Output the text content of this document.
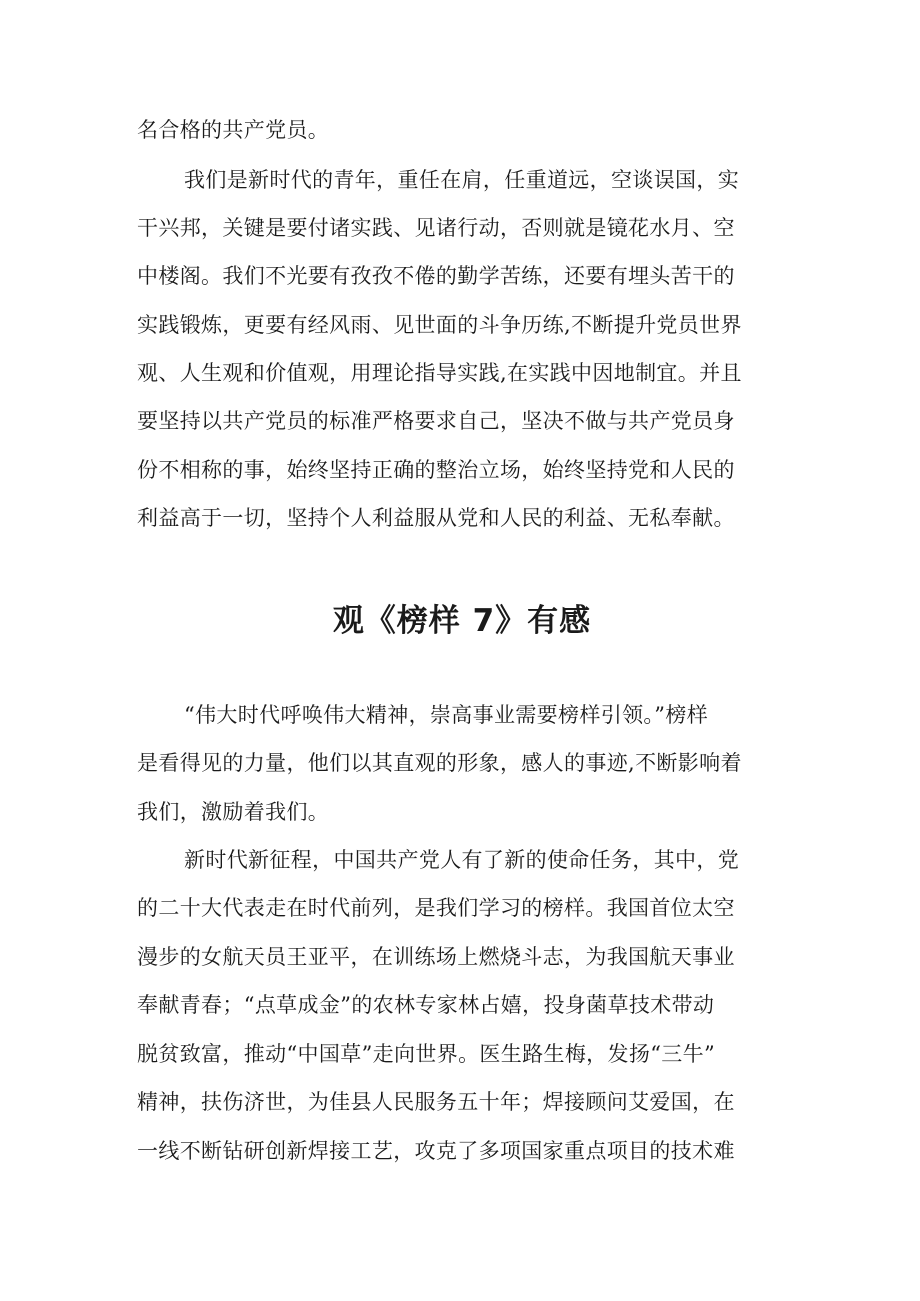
名合格的共产党员。
我们是新时代的青年，重任在肩，任重道远，空谈误国，实
干兴邦，关键是要付诸实践、见诸行动，否则就是镜花水月、空
中楼阁。我们不光要有孜孜不倦的勤学苦练，还要有埋头苦干的
实践锻炼，更要有经风雨、见世面的斗争历练,不断提升党员世界
观、人生观和价值观，用理论指导实践,在实践中因地制宜。并且
要坚持以共产党员的标准严格要求自己，坚决不做与共产党员身
份不相称的事，始终坚持正确的整治立场，始终坚持党和人民的
利益高于一切，坚持个人利益服从党和人民的利益、无私奉献。
观《榜样 7》有感
“伟大时代呼唤伟大精神，崇高事业需要榜样引领。”榜样
是看得见的力量，他们以其直观的形象，感人的事迹,不断影响着
我们，激励着我们。
新时代新征程，中国共产党人有了新的使命任务，其中，党
的二十大代表走在时代前列，是我们学习的榜样。我国首位太空
漫步的女航天员王亚平，在训练场上燃烧斗志，为我国航天事业
奉献青春；“点草成金”的农林专家林占嬉，投身菌草技术带动
脱贫致富，推动“中国草”走向世界。医生路生梅，发扬“三牛”
精神，扶伤济世，为佳县人民服务五十年；焊接顾问艾爱国，在
一线不断钻研创新焊接工艺，攻克了多项国家重点项目的技术难
